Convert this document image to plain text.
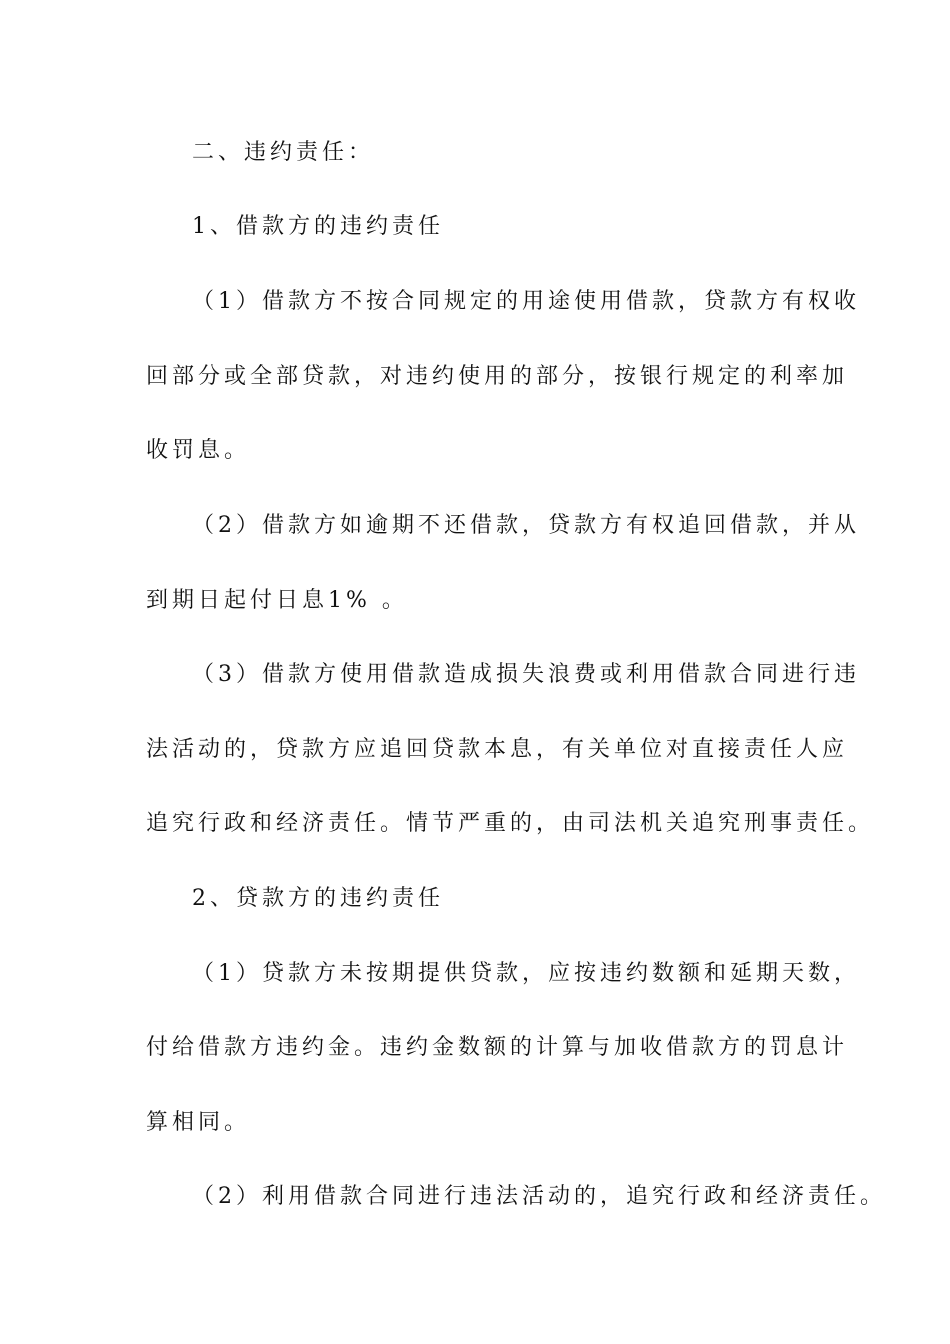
二、违约责任：
1、借款方的违约责任
（1）借款方不按合同规定的用途使用借款，贷款方有权收
回部分或全部贷款，对违约使用的部分，按银行规定的利率加
收罚息。
（2）借款方如逾期不还借款，贷款方有权追回借款，并从
到期日起付日息1% 。
（3）借款方使用借款造成损失浪费或利用借款合同进行违
法活动的，贷款方应追回贷款本息，有关单位对直接责任人应
追究行政和经济责任。情节严重的，由司法机关追究刑事责任。
2、贷款方的违约责任
（1）贷款方未按期提供贷款，应按违约数额和延期天数，
付给借款方违约金。违约金数额的计算与加收借款方的罚息计
算相同。
（2）利用借款合同进行违法活动的，追究行政和经济责任。
